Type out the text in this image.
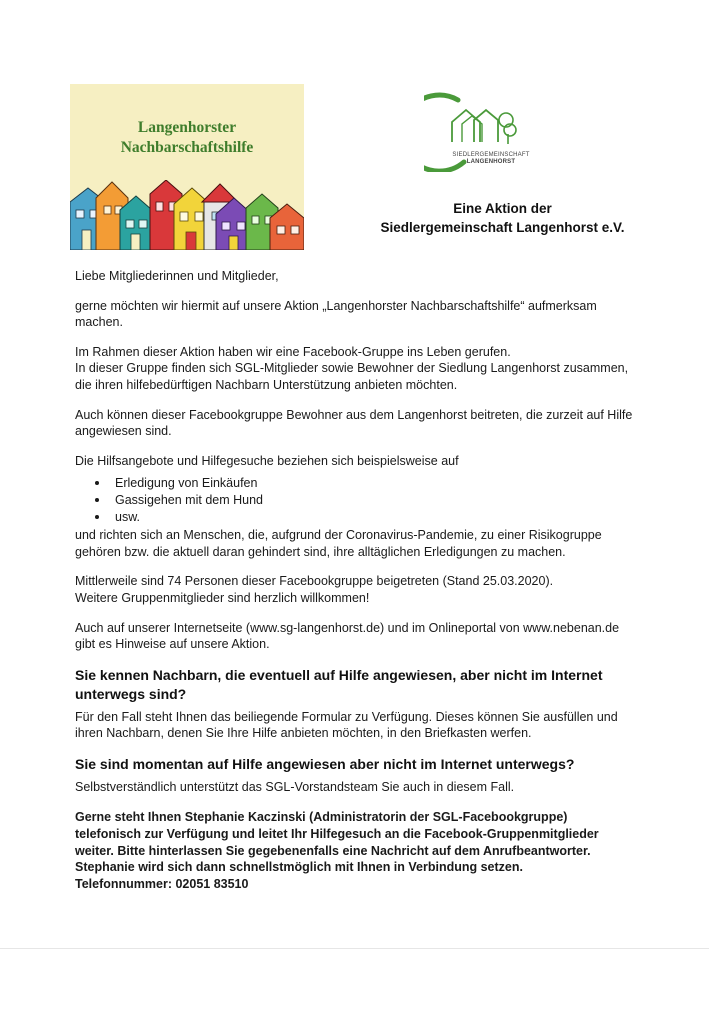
Langenhorster
Nachbarschaftshilfe	SIEDLERGEMEINSCHAFT
LANGENHORST
Eine Aktion der
Siedlergemeinschaft Langenhorst e.V.

Liebe Mitgliederinnen und Mitglieder,

gerne möchten wir hiermit auf unsere Aktion „Langenhorster Nachbarschaftshilfe“ aufmerksam machen.

Im Rahmen dieser Aktion haben wir eine Facebook-Gruppe ins Leben gerufen.
In dieser Gruppe finden sich SGL-Mitglieder sowie Bewohner der Siedlung Langenhorst zusammen, die ihren hilfebedürftigen Nachbarn Unterstützung anbieten möchten.

Auch können dieser Facebookgruppe Bewohner aus dem Langenhorst beitreten, die zurzeit auf Hilfe angewiesen sind.

Die Hilfsangebote und Hilfegesuche beziehen sich beispielsweise auf

Erledigung von Einkäufen
Gassigehen mit dem Hund
usw.

und richten sich an Menschen, die, aufgrund der Coronavirus-Pandemie, zu einer Risikogruppe gehören bzw. die aktuell daran gehindert sind, ihre alltäglichen Erledigungen zu machen.

Mittlerweile sind 74 Personen dieser Facebookgruppe beigetreten (Stand 25.03.2020).
Weitere Gruppenmitglieder sind herzlich willkommen!

Auch auf unserer Internetseite (www.sg-langenhorst.de) und im Onlineportal von www.nebenan.de gibt es Hinweise auf unsere Aktion.

Sie kennen Nachbarn, die eventuell auf Hilfe angewiesen, aber nicht im Internet unterwegs sind?

Für den Fall steht Ihnen das beiliegende Formular zu Verfügung. Dieses können Sie ausfüllen und ihren Nachbarn, denen Sie Ihre Hilfe anbieten möchten, in den Briefkasten werfen.

Sie sind momentan auf Hilfe angewiesen aber nicht im Internet unterwegs?

Selbstverständlich unterstützt das SGL-Vorstandsteam Sie auch in diesem Fall.

Gerne steht Ihnen Stephanie Kaczinski (Administratorin der SGL-Facebookgruppe)
telefonisch zur Verfügung und leitet Ihr Hilfegesuch an die Facebook-Gruppenmitglieder
weiter. Bitte hinterlassen Sie gegebenenfalls eine Nachricht auf dem Anrufbeantworter.
Stephanie wird sich dann schnellstmöglich mit Ihnen in Verbindung setzen.
Telefonnummer: 02051 83510
